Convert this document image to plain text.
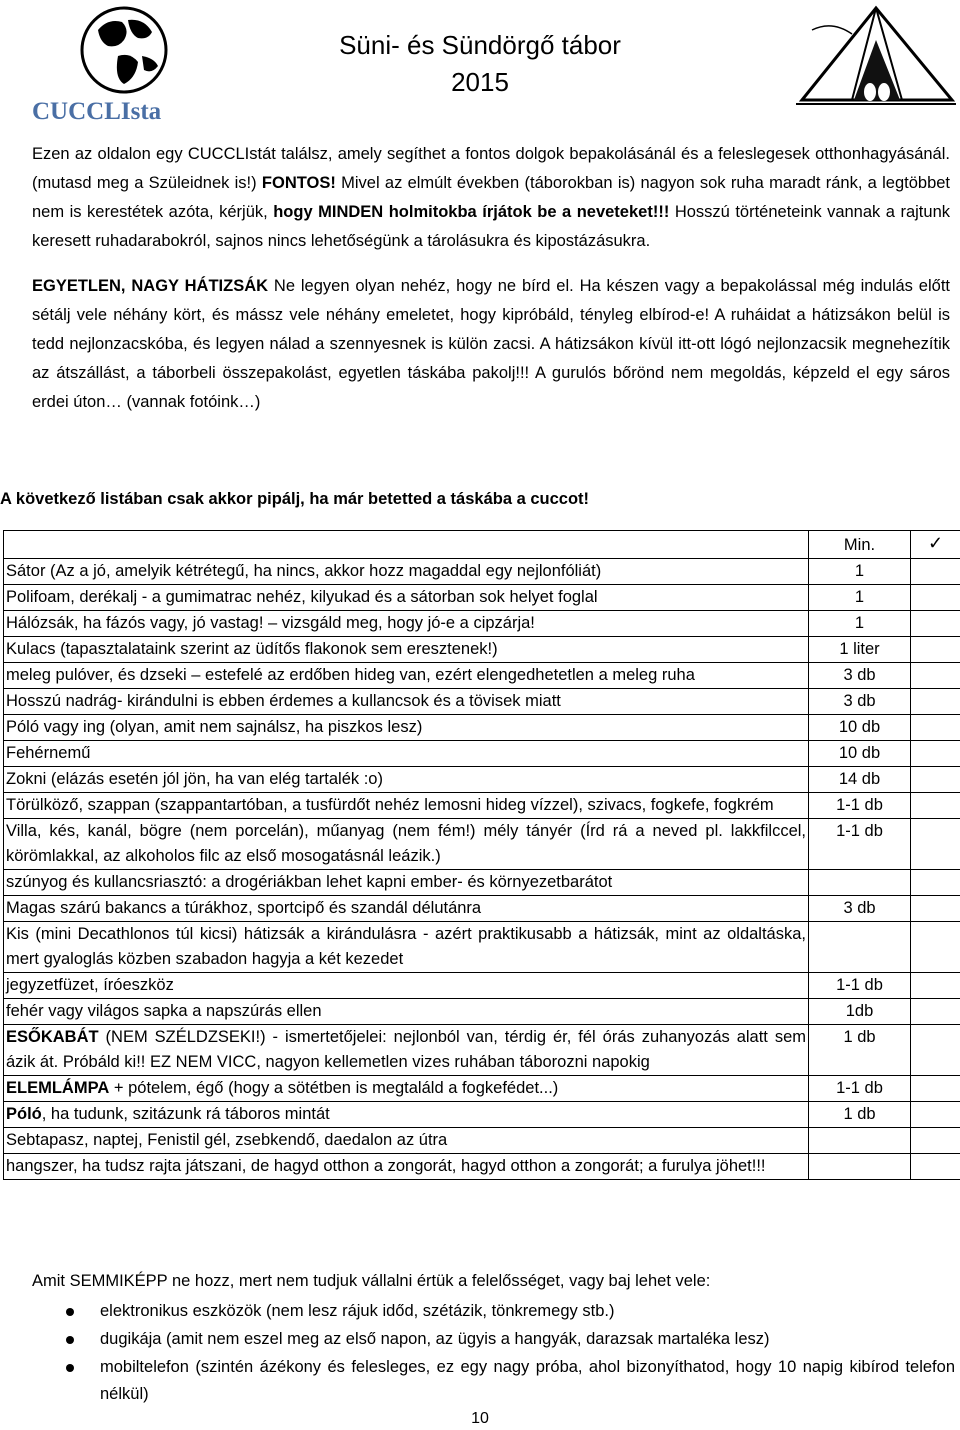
Süni- és Sündörgő tábor
2015
CUCCLIsta
Ezen az oldalon egy CUCCLIstát találsz, amely segíthet a fontos dolgok bepakolásánál és a feleslegesek otthonhagyásánál. (mutasd meg a Szüleidnek is!) FONTOS! Mivel az elmúlt években (táborokban is) nagyon sok ruha maradt ránk, a legtöbbet nem is kerestétek azóta, kérjük, hogy MINDEN holmitokba írjátok be a neveteket!!! Hosszú történeteink vannak a rajtunk keresett ruhadarabokról, sajnos nincs lehetőségünk a tárolásukra és kipostázásukra.
EGYETLEN, NAGY HÁTIZSÁK Ne legyen olyan nehéz, hogy ne bírd el. Ha készen vagy a bepakolással még indulás előtt sétálj vele néhány kört, és mássz vele néhány emeletet, hogy kipróbáld, tényleg elbírod-e! A ruháidat a hátizsákon belül is tedd nejlonzacskóba, és legyen nálad a szennyesnek is külön zacsi. A hátizsákon kívül itt-ott lógó nejlonzacsik megnehezítik az átszállást, a táborbeli összepakolást, egyetlen táskába pakolj!!! A gurulós bőrönd nem megoldás, képzeld el egy sáros erdei úton… (vannak fotóink…)
A következő listában csak akkor pipálj, ha már betetted a táskába a cuccot!
	Min.	✓
Sátor (Az a jó, amelyik kétrétegű, ha nincs, akkor hozz magaddal egy nejlonfóliát)	1	
Polifoam, derékalj - a gumimatrac nehéz, kilyukad és a sátorban sok helyet foglal	1	
Hálózsák, ha fázós vagy, jó vastag! – vizsgáld meg, hogy jó-e a cipzárja!	1	
Kulacs (tapasztalataink szerint az üdítős flakonok sem eresztenek!)	1 liter	
meleg pulóver, és dzseki – estefelé az erdőben hideg van, ezért elengedhetetlen a meleg ruha	3 db	
Hosszú nadrág- kirándulni is ebben érdemes a kullancsok és a tövisek miatt	3 db	
Póló vagy ing (olyan, amit nem sajnálsz, ha piszkos lesz)	10 db	
Fehérnemű	10 db	
Zokni (elázás esetén jól jön, ha van elég tartalék :o)	14 db	
Törülköző, szappan (szappantartóban, a tusfürdőt nehéz lemosni hideg vízzel), szivacs, fogkefe, fogkrém	1-1 db	
Villa, kés, kanál, bögre (nem porcelán), műanyag (nem fém!) mély tányér (Írd rá a neved pl. lakkfilccel, körömlakkal, az alkoholos filc az első mosogatásnál leázik.)	1-1 db	
szúnyog és kullancsriasztó: a drogériákban lehet kapni ember- és környezetbarátot		
Magas szárú bakancs a túrákhoz, sportcipő és szandál délutánra	3 db	
Kis (mini Decathlonos túl kicsi) hátizsák a kirándulásra - azért praktikusabb a hátizsák, mint az oldaltáska, mert gyaloglás közben szabadon hagyja a két kezedet		
jegyzetfüzet, íróeszköz	1-1 db	
fehér vagy világos sapka a napszúrás ellen	1db	
ESŐKABÁT (NEM SZÉLDZSEKI!) - ismertetőjelei: nejlonból van, térdig ér, fél órás zuhanyozás alatt sem ázik át. Próbáld ki!! EZ NEM VICC, nagyon kellemetlen vizes ruhában táborozni napokig	1 db	
ELEMLÁMPA + pótelem, égő (hogy a sötétben is megtaláld a fogkefédet...)	1-1 db	
Póló, ha tudunk, szitázunk rá táboros mintát	1 db	
Sebtapasz, naptej, Fenistil gél, zsebkendő, daedalon az útra		
hangszer, ha tudsz rajta játszani, de hagyd otthon a zongorát, hagyd otthon a zongorát; a furulya jöhet!!!		
Amit SEMMIKÉPP ne hozz, mert nem tudjuk vállalni értük a felelősséget, vagy baj lehet vele:
elektronikus eszközök (nem lesz rájuk időd, szétázik, tönkremegy stb.)
dugikája (amit nem eszel meg az első napon, az ügyis a hangyák, darazsak martaléka lesz)
mobiltelefon (szintén ázékony és felesleges, ez egy nagy próba, ahol bizonyíthatod, hogy 10 napig kibírod telefon nélkül)
10
